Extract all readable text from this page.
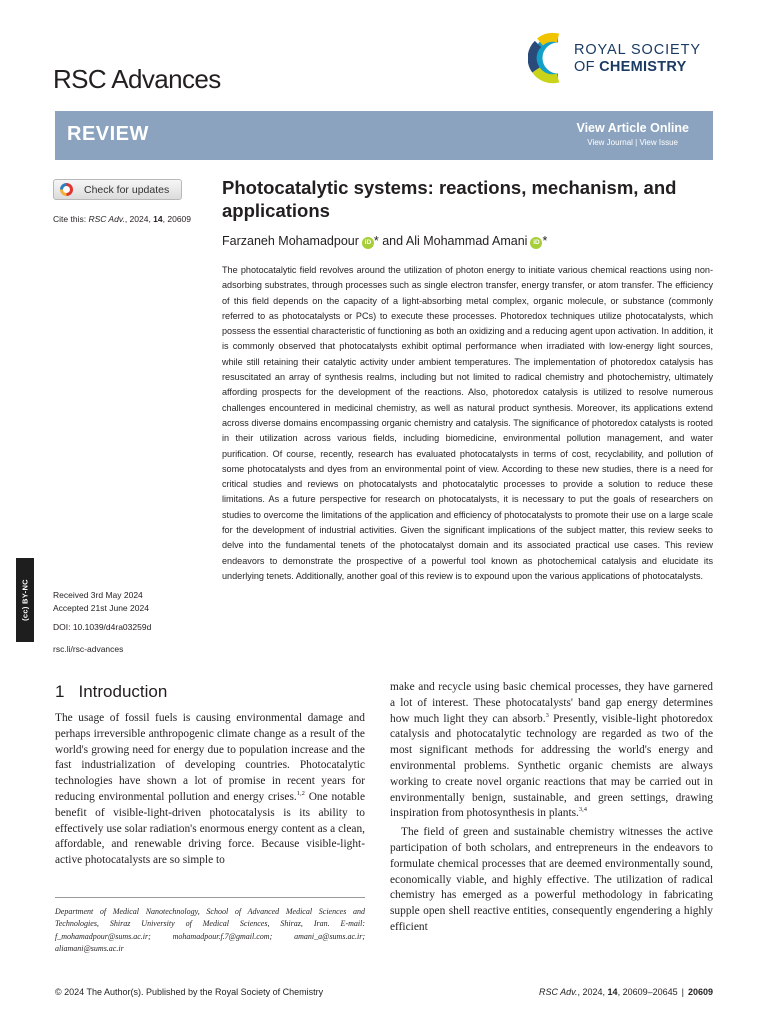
RSC Advances
ROYAL SOCIETY
OF CHEMISTRY
REVIEW	View Article Online
View Journal | View Issue
Check for updates
Cite this: RSC Adv., 2024, 14, 20609
(cc) BY-NC	Received 3rd May 2024
Accepted 21st June 2024
DOI: 10.1039/d4ra03259d
rsc.li/rsc-advances
Photocatalytic systems: reactions, mechanism, and applications
Farzaneh Mohamadpour iD * and Ali Mohammad Amani iD *
The photocatalytic field revolves around the utilization of photon energy to initiate various chemical reactions using non-adsorbing substrates, through processes such as single electron transfer, energy transfer, or atom transfer. The efficiency of this field depends on the capacity of a light-absorbing metal complex, organic molecule, or substance (commonly referred to as photocatalysts or PCs) to execute these processes. Photoredox techniques utilize photocatalysts, which possess the essential characteristic of functioning as both an oxidizing and a reducing agent upon activation. In addition, it is commonly observed that photocatalysts exhibit optimal performance when irradiated with low-energy light sources, while still retaining their catalytic activity under ambient temperatures. The implementation of photoredox catalysis has resuscitated an array of synthesis realms, including but not limited to radical chemistry and photochemistry, ultimately affording prospects for the development of the reactions. Also, photoredox catalysis is utilized to resolve numerous challenges encountered in medicinal chemistry, as well as natural product synthesis. Moreover, its applications extend across diverse domains encompassing organic chemistry and catalysis. The significance of photoredox catalysts is rooted in their utilization across various fields, including biomedicine, environmental pollution management, and water purification. Of course, recently, research has evaluated photocatalysts in terms of cost, recyclability, and pollution of some photocatalysts and dyes from an environmental point of view. According to these new studies, there is a need for critical studies and reviews on photocatalysts and photocatalytic processes to provide a solution to reduce these limitations. As a future perspective for research on photocatalysts, it is necessary to put the goals of researchers on studies to overcome the limitations of the application and efficiency of photocatalysts to promote their use on a large scale for the development of industrial activities. Given the significant implications of the subject matter, this review seeks to delve into the fundamental tenets of the photocatalyst domain and its associated practical use cases. This review endeavors to demonstrate the prospective of a powerful tool known as photochemical catalysis and elucidate its underlying tenets. Additionally, another goal of this review is to expound upon the various applications of photocatalysts.
1 Introduction

The usage of fossil fuels is causing environmental damage and perhaps irreversible anthropogenic climate change as a result of the world's growing need for energy due to population increase and the fast industrialization of developing countries. Photocatalytic technologies have shown a lot of promise in recent years for reducing environmental pollution and energy crises.$^{1,2}$ One notable benefit of visible-light-driven photocatalysis is its ability to effectively use solar radiation's enormous energy content as a clean, affordable, and renewable driving force. Because visible-light-active photocatalysts are so simple to

make and recycle using basic chemical processes, they have garnered a lot of interest. These photocatalysts' band gap energy determines how much light they can absorb.$^3$ Presently, visible-light photoredox catalysis and photocatalytic technology are regarded as two of the most significant methods for addressing the world's energy and environmental problems. Synthetic organic chemists are always working to create novel organic reactions that may be carried out in environmentally benign, sustainable, and green settings, drawing inspiration from photosynthesis in plants.$^{3,4}$

The field of green and sustainable chemistry witnesses the active participation of both scholars, and entrepreneurs in the endeavors to formulate chemical processes that are deemed environmentally sound, economically viable, and highly effective. The utilization of radical chemistry has emerged as a powerful methodology in fabricating supple open shell reactive entities, consequently engendering a highly efficient

Department of Medical Nanotechnology, School of Advanced Medical Sciences and Technologies, Shiraz University of Medical Sciences, Shiraz, Iran. E-mail: f_mohamadpour@sums.ac.ir; mohamadpour.f.7@gmail.com; amani_a@sums.ac.ir; aliamani@sums.ac.ir
© 2024 The Author(s). Published by the Royal Society of Chemistry	RSC Adv., 2024, 14, 20609–20645 | 20609
